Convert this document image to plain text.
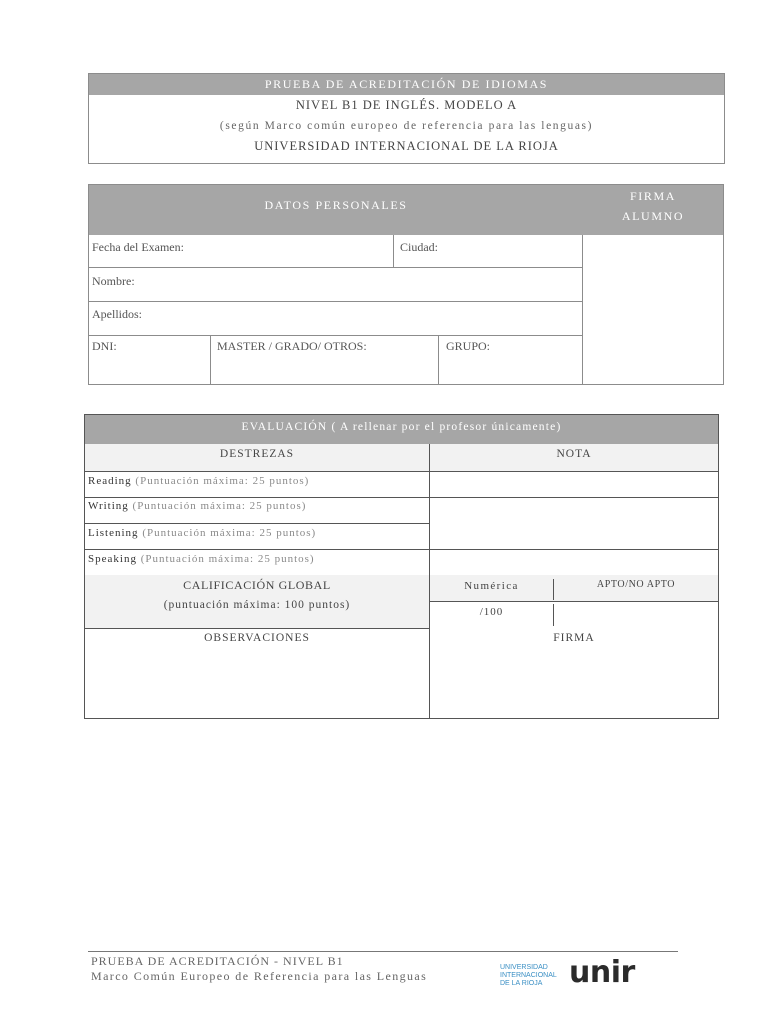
PRUEBA DE ACREDITACIÓN DE IDIOMAS
NIVEL B1 DE INGLÉS. MODELO A
(según Marco común europeo de referencia para las lenguas)
UNIVERSIDAD INTERNACIONAL DE LA RIOJA
DATOS PERSONALES
FIRMA
ALUMNO
Fecha del Examen:	Ciudad:
Nombre:
Apellidos:
DNI:	MASTER / GRADO/ OTROS:	GRUPO:
EVALUACIÓN ( A rellenar por el profesor únicamente)
DESTREZAS	NOTA
Reading (Puntuación máxima: 25 puntos)
Writing (Puntuación máxima: 25 puntos)
Listening (Puntuación máxima: 25 puntos)
Speaking (Puntuación máxima: 25 puntos)
CALIFICACIÓN GLOBAL
(puntuación máxima: 100 puntos)
Numérica	APTO/NO APTO
/100
OBSERVACIONES	FIRMA
PRUEBA DE ACREDITACIÓN - NIVEL B1
Marco Común Europeo de Referencia para las Lenguas
UNIVERSIDAD
INTERNACIONAL
DE LA RIOJA unir
